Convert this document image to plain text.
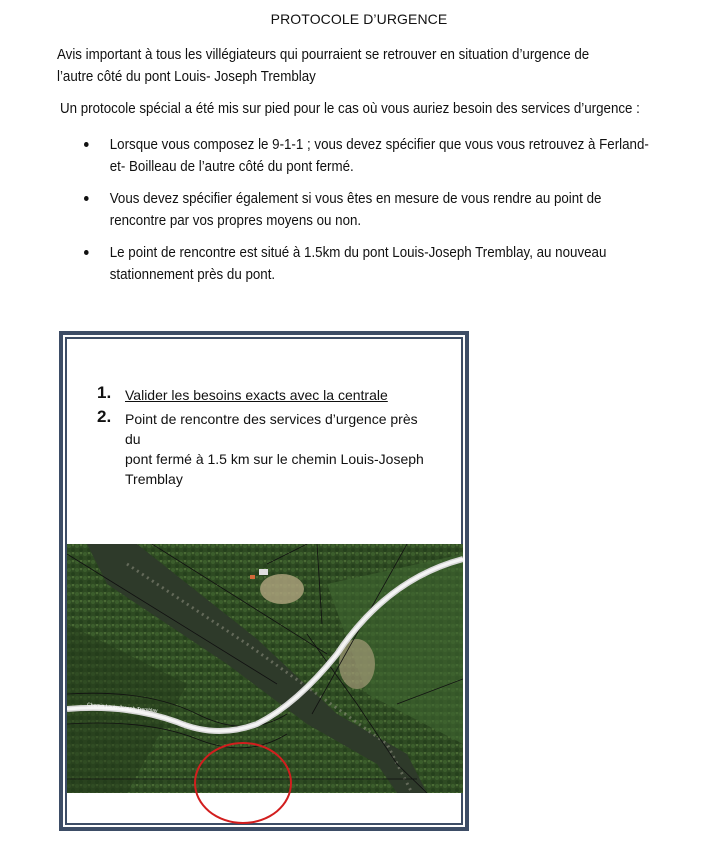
PROTOCOLE D’URGENCE
Avis important à tous les villégiateurs qui pourraient se retrouver en situation d’urgence de
l’autre côté du pont Louis- Joseph Tremblay
Un protocole spécial a été mis sur pied pour le cas où vous auriez besoin des services d’urgence :
Lorsque vous composez le 9-1-1 ; vous devez spécifier que vous vous retrouvez à Ferland-
et- Boilleau de l’autre côté du pont fermé.
Vous devez spécifier également si vous êtes en mesure de vous rendre au point de
rencontre par vos propres moyens ou non.
Le point de rencontre est situé à 1.5km du pont Louis-Joseph Tremblay, au nouveau
stationnement près du pont.
1. Valider les besoins exacts avec la centrale
2. Point de rencontre des services d’urgence près du
pont fermé à 1.5 km sur le chemin Louis-Joseph
Tremblay
Chemin Louis-Joseph-Tremblay
